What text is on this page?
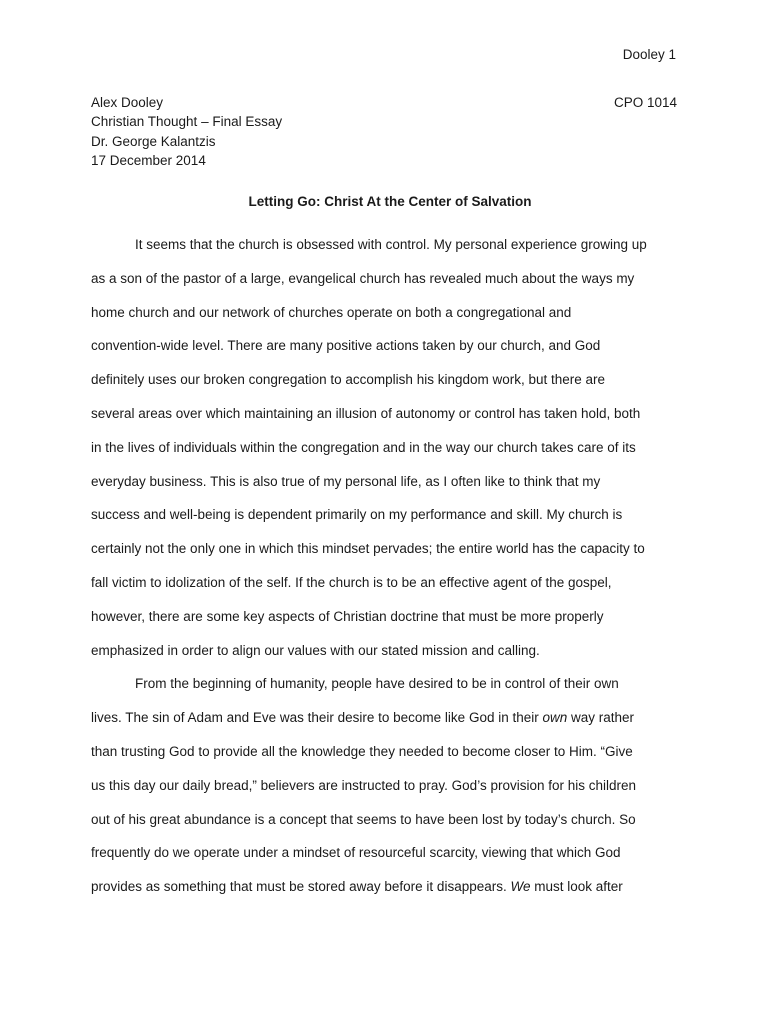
Dooley 1
Alex Dooley
Christian Thought – Final Essay
Dr. George Kalantzis
17 December 2014
CPO 1014
Letting Go: Christ At the Center of Salvation
It seems that the church is obsessed with control. My personal experience growing up
as a son of the pastor of a large, evangelical church has revealed much about the ways my
home church and our network of churches operate on both a congregational and
convention-wide level. There are many positive actions taken by our church, and God
definitely uses our broken congregation to accomplish his kingdom work, but there are
several areas over which maintaining an illusion of autonomy or control has taken hold, both
in the lives of individuals within the congregation and in the way our church takes care of its
everyday business. This is also true of my personal life, as I often like to think that my
success and well-being is dependent primarily on my performance and skill. My church is
certainly not the only one in which this mindset pervades; the entire world has the capacity to
fall victim to idolization of the self. If the church is to be an effective agent of the gospel,
however, there are some key aspects of Christian doctrine that must be more properly
emphasized in order to align our values with our stated mission and calling.
From the beginning of humanity, people have desired to be in control of their own
lives. The sin of Adam and Eve was their desire to become like God in their own way rather
than trusting God to provide all the knowledge they needed to become closer to Him. “Give
us this day our daily bread,” believers are instructed to pray. God’s provision for his children
out of his great abundance is a concept that seems to have been lost by today’s church. So
frequently do we operate under a mindset of resourceful scarcity, viewing that which God
provides as something that must be stored away before it disappears. We must look after
